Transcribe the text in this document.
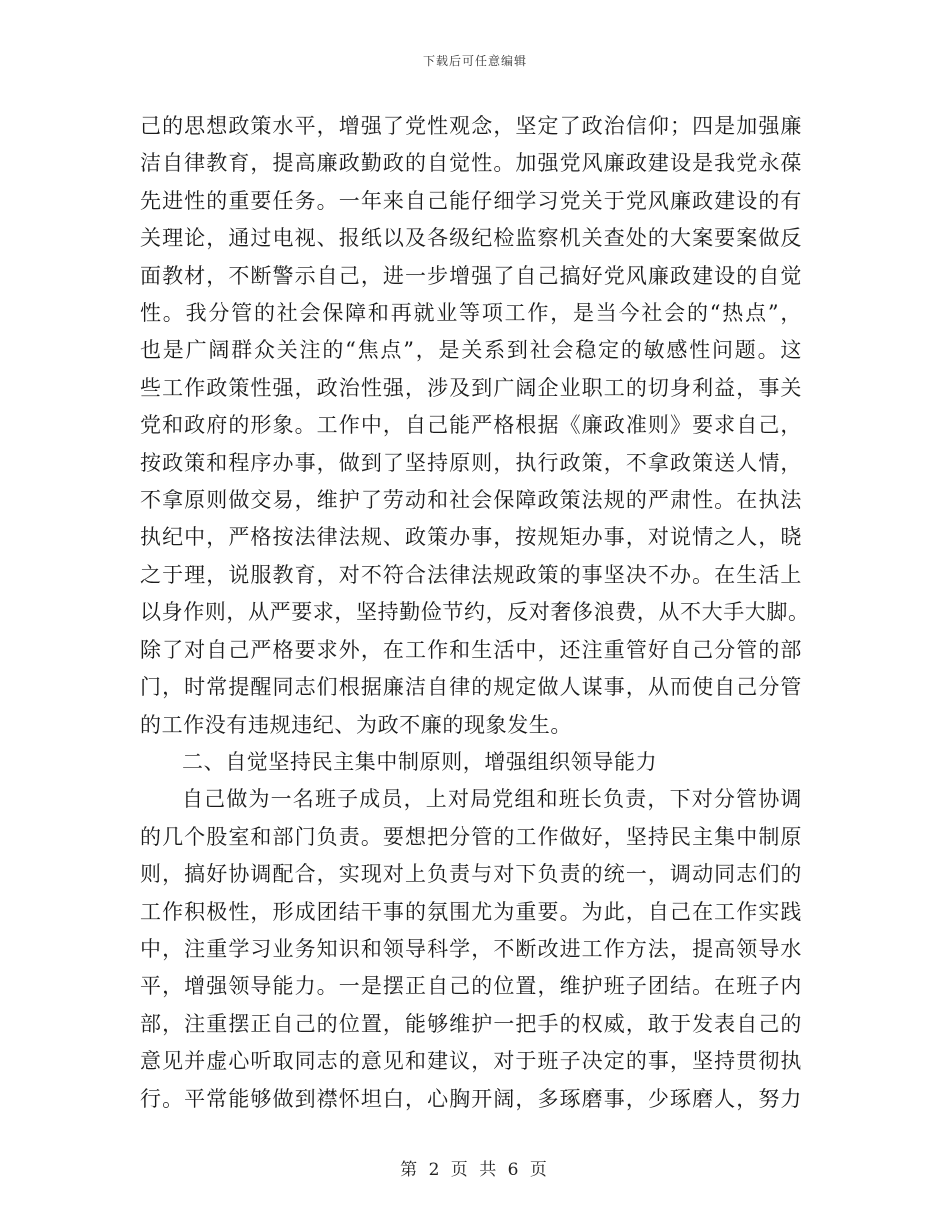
下载后可任意编辑

己的思想政策水平，增强了党性观念，坚定了政治信仰；四是加强廉
洁自律教育，提高廉政勤政的自觉性。加强党风廉政建设是我党永葆
先进性的重要任务。一年来自己能仔细学习党关于党风廉政建设的有
关理论，通过电视、报纸以及各级纪检监察机关查处的大案要案做反
面教材，不断警示自己，进一步增强了自己搞好党风廉政建设的自觉
性。我分管的社会保障和再就业等项工作，是当今社会的“热点”，
也是广阔群众关注的“焦点”，是关系到社会稳定的敏感性问题。这
些工作政策性强，政治性强，涉及到广阔企业职工的切身利益，事关
党和政府的形象。工作中，自己能严格根据《廉政准则》要求自己，
按政策和程序办事，做到了坚持原则，执行政策，不拿政策送人情，
不拿原则做交易，维护了劳动和社会保障政策法规的严肃性。在执法
执纪中，严格按法律法规、政策办事，按规矩办事，对说情之人，晓
之于理，说服教育，对不符合法律法规政策的事坚决不办。在生活上
以身作则，从严要求，坚持勤俭节约，反对奢侈浪费，从不大手大脚。
除了对自己严格要求外，在工作和生活中，还注重管好自己分管的部
门，时常提醒同志们根据廉洁自律的规定做人谋事，从而使自己分管
的工作没有违规违纪、为政不廉的现象发生。

二、自觉坚持民主集中制原则，增强组织领导能力

自己做为一名班子成员，上对局党组和班长负责，下对分管协调
的几个股室和部门负责。要想把分管的工作做好，坚持民主集中制原
则，搞好协调配合，实现对上负责与对下负责的统一，调动同志们的
工作积极性，形成团结干事的氛围尤为重要。为此，自己在工作实践
中，注重学习业务知识和领导科学，不断改进工作方法，提高领导水
平，增强领导能力。一是摆正自己的位置，维护班子团结。在班子内
部，注重摆正自己的位置，能够维护一把手的权威，敢于发表自己的
意见并虚心听取同志的意见和建议，对于班子决定的事，坚持贯彻执
行。平常能够做到襟怀坦白，心胸开阔，多琢磨事，少琢磨人，努力

第 2 页 共 6 页
